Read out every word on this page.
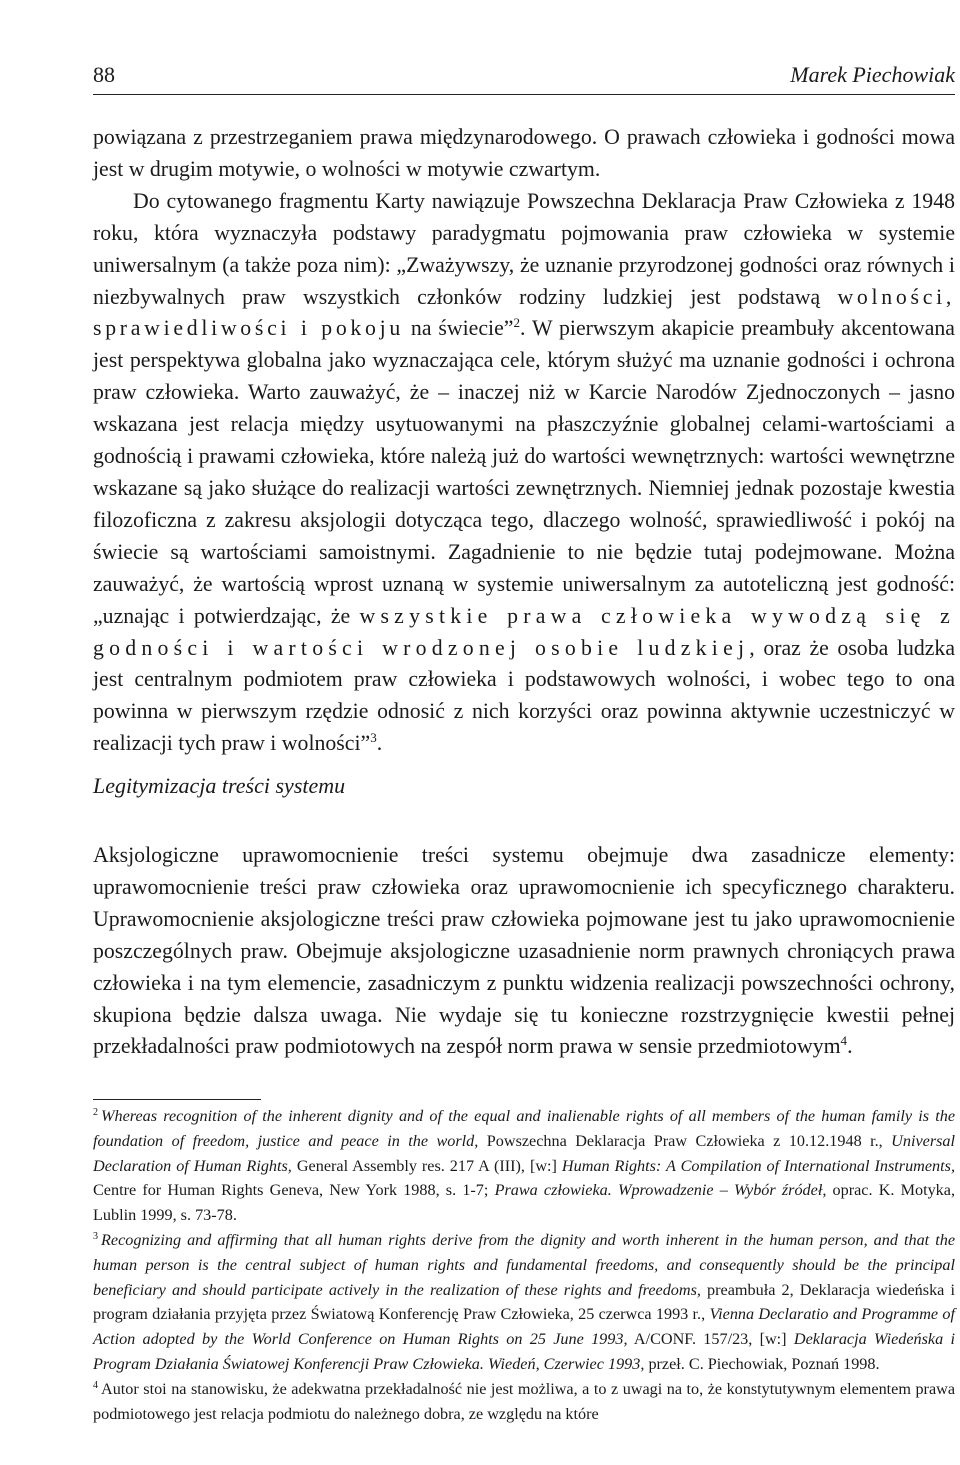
88	Marek Piechowiak

powiązana z przestrzeganiem prawa międzynarodowego. O prawach człowieka i godności mowa jest w drugim motywie, o wolności w motywie czwartym.

Do cytowanego fragmentu Karty nawiązuje Powszechna Deklaracja Praw Człowieka z 1948 roku, która wyznaczyła podstawy paradygmatu pojmowania praw człowieka w systemie uniwersalnym (a także poza nim): „Zważywszy, że uznanie przyrodzonej godności oraz równych i niezbywalnych praw wszystkich członków rodziny ludzkiej jest podstawą wolności, sprawiedliwości i pokoju na świecie”$^2$. W pierwszym akapicie preambuły akcentowana jest perspektywa globalna jako wyznaczająca cele, którym służyć ma uznanie godności i ochrona praw człowieka. Warto zauważyć, że – inaczej niż w Karcie Narodów Zjednoczonych – jasno wskazana jest relacja między usytuowanymi na płaszczyźnie globalnej celami-wartościami a godnością i prawami człowieka, które należą już do wartości wewnętrznych: wartości wewnętrzne wskazane są jako służące do realizacji wartości zewnętrznych. Niemniej jednak pozostaje kwestia filozoficzna z zakresu aksjologii dotycząca tego, dlaczego wolność, sprawiedliwość i pokój na świecie są wartościami samoistnymi. Zagadnienie to nie będzie tutaj podejmowane. Można zauważyć, że wartością wprost uznaną w systemie uniwersalnym za autoteliczną jest godność: „uznając i potwierdzając, że wszystkie prawa człowieka wywodzą się z godności i wartości wrodzonej osobie ludzkiej, oraz że osoba ludzka jest centralnym podmiotem praw człowieka i podstawowych wolności, i wobec tego to ona powinna w pierwszym rzędzie odnosić z nich korzyści oraz powinna aktywnie uczestniczyć w realizacji tych praw i wolności”$^3$.

Legitymizacja treści systemu

Aksjologiczne uprawomocnienie treści systemu obejmuje dwa zasadnicze elementy: uprawomocnienie treści praw człowieka oraz uprawomocnienie ich specyficznego charakteru. Uprawomocnienie aksjologiczne treści praw człowieka pojmowane jest tu jako uprawomocnienie poszczególnych praw. Obejmuje aksjologiczne uzasadnienie norm prawnych chroniących prawa człowieka i na tym elemencie, zasadniczym z punktu widzenia realizacji powszechności ochrony, skupiona będzie dalsza uwaga. Nie wydaje się tu konieczne rozstrzygnięcie kwestii pełnej przekładalności praw podmiotowych na zespół norm prawa w sensie przedmiotowym$^4$.

$^2$ Whereas recognition of the inherent dignity and of the equal and inalienable rights of all members of the human family is the foundation of freedom, justice and peace in the world, Powszechna Deklaracja Praw Człowieka z 10.12.1948 r., Universal Declaration of Human Rights, General Assembly res. 217 A (III), [w:] Human Rights: A Compilation of International Instruments, Centre for Human Rights Geneva, New York 1988, s. 1-7; Prawa człowieka. Wprowadzenie – Wybór źródeł, oprac. K. Motyka, Lublin 1999, s. 73-78.

$^3$ Recognizing and affirming that all human rights derive from the dignity and worth inherent in the human person, and that the human person is the central subject of human rights and fundamental freedoms, and consequently should be the principal beneficiary and should participate actively in the realization of these rights and freedoms, preambuła 2, Deklaracja wiedeńska i program działania przyjęta przez Światową Konferencję Praw Człowieka, 25 czerwca 1993 r., Vienna Declaratio and Programme of Action adopted by the World Conference on Human Rights on 25 June 1993, A/CONF. 157/23, [w:] Deklaracja Wiedeńska i Program Działania Światowej Konferencji Praw Człowieka. Wiedeń, Czerwiec 1993, przeł. C. Piechowiak, Poznań 1998.

$^4$ Autor stoi na stanowisku, że adekwatna przekładalność nie jest możliwa, a to z uwagi na to, że konstytutywnym elementem prawa podmiotowego jest relacja podmiotu do należnego dobra, ze względu na które
